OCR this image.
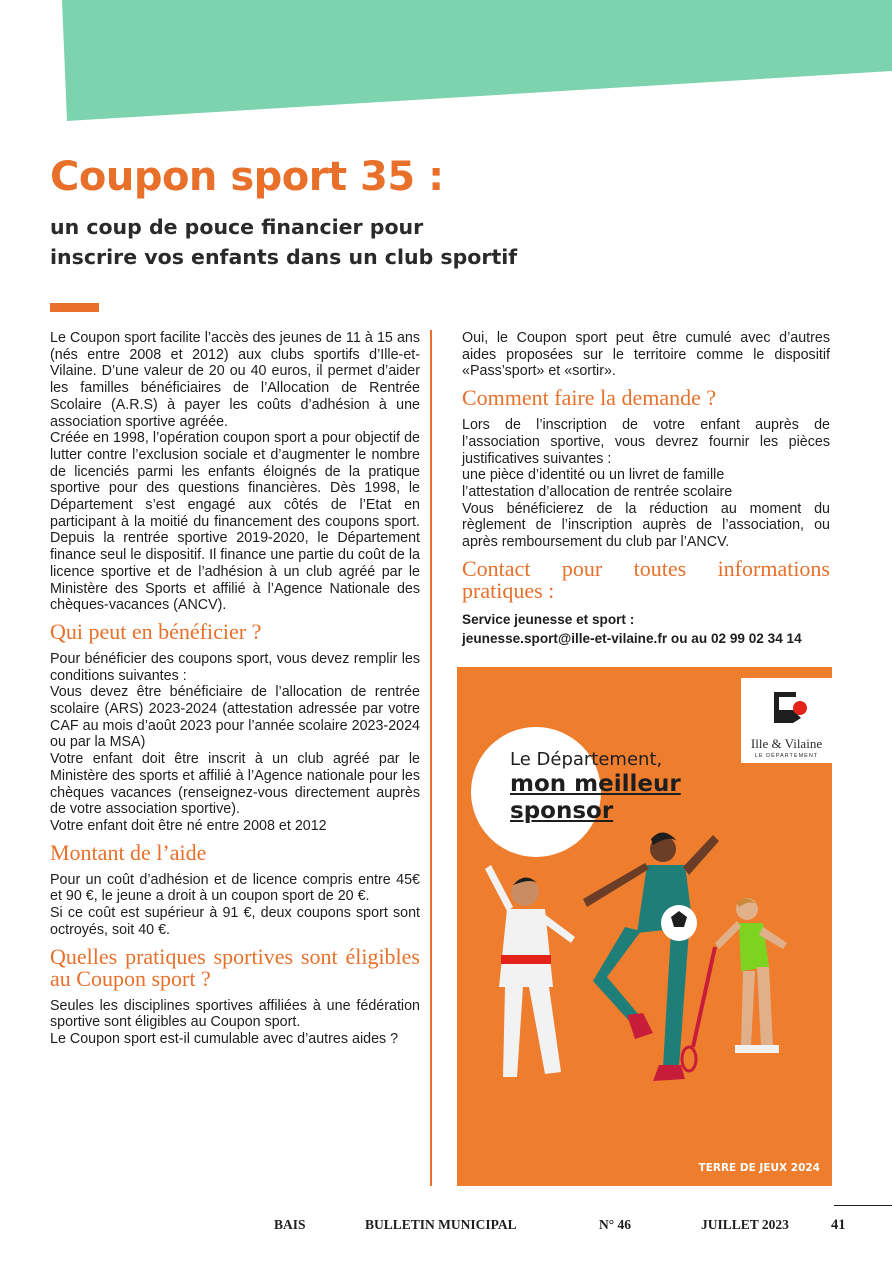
Coupon sport 35 :
un coup de pouce financier pour
inscrire vos enfants dans un club sportif

Le Coupon sport facilite l’accès des jeunes de 11 à 15 ans (nés entre 2008 et 2012) aux clubs sportifs d’Ille-et-Vilaine. D’une valeur de 20 ou 40 euros, il permet d’aider les familles bénéficiaires de l’Allocation de Rentrée Scolaire (A.R.S) à payer les coûts d’adhésion à une association sportive agréée.

Créée en 1998, l’opération coupon sport a pour objectif de lutter contre l’exclusion sociale et d’augmenter le nombre de licenciés parmi les enfants éloignés de la pratique sportive pour des questions financières. Dès 1998, le Département s’est engagé aux côtés de l’Etat en participant à la moitié du financement des coupons sport. Depuis la rentrée sportive 2019-2020, le Département finance seul le dispositif. Il finance une partie du coût de la licence sportive et de l’adhésion à un club agréé par le Ministère des Sports et affilié à l’Agence Nationale des chèques-vacances (ANCV).

Qui peut en bénéficier ?

Pour bénéficier des coupons sport, vous devez remplir les conditions suivantes :

Vous devez être bénéficiaire de l’allocation de rentrée scolaire (ARS) 2023-2024 (attestation adressée par votre CAF au mois d’août 2023 pour l’année scolaire 2023-2024 ou par la MSA)

Votre enfant doit être inscrit à un club agréé par le Ministère des sports et affilié à l’Agence nationale pour les chèques vacances (renseignez-vous directement auprès de votre association sportive).

Votre enfant doit être né entre 2008 et 2012

Montant de l’aide

Pour un coût d’adhésion et de licence compris entre 45€ et 90 €, le jeune a droit à un coupon sport de 20 €.

Si ce coût est supérieur à 91 €, deux coupons sport sont octroyés, soit 40 €.

Quelles pratiques sportives sont éligibles au Coupon sport ?

Seules les disciplines sportives affiliées à une fédération sportive sont éligibles au Coupon sport.

Le Coupon sport est-il cumulable avec d’autres aides ?

Oui, le Coupon sport peut être cumulé avec d’autres aides proposées sur le territoire comme le dispositif «Pass’sport» et «sortir».

Comment faire la demande ?

Lors de l’inscription de votre enfant auprès de l’association sportive, vous devrez fournir les pièces justificatives suivantes :

une pièce d’identité ou un livret de famille

l’attestation d’allocation de rentrée scolaire

Vous bénéficierez de la réduction au moment du règlement de l’inscription auprès de l’association, ou après remboursement du club par l’ANCV.

Contact pour toutes informations pratiques :
Service jeunesse et sport :
jeunesse.sport@ille-et-vilaine.fr ou au 02 99 02 34 14
Ille & Vilaine
LE DÉPARTEMENT
Le Département,
mon meilleur
sponsor
TERRE DE JEUX 2024
BAIS	BULLETIN MUNICIPAL	N° 46	JUILLET 2023	41
